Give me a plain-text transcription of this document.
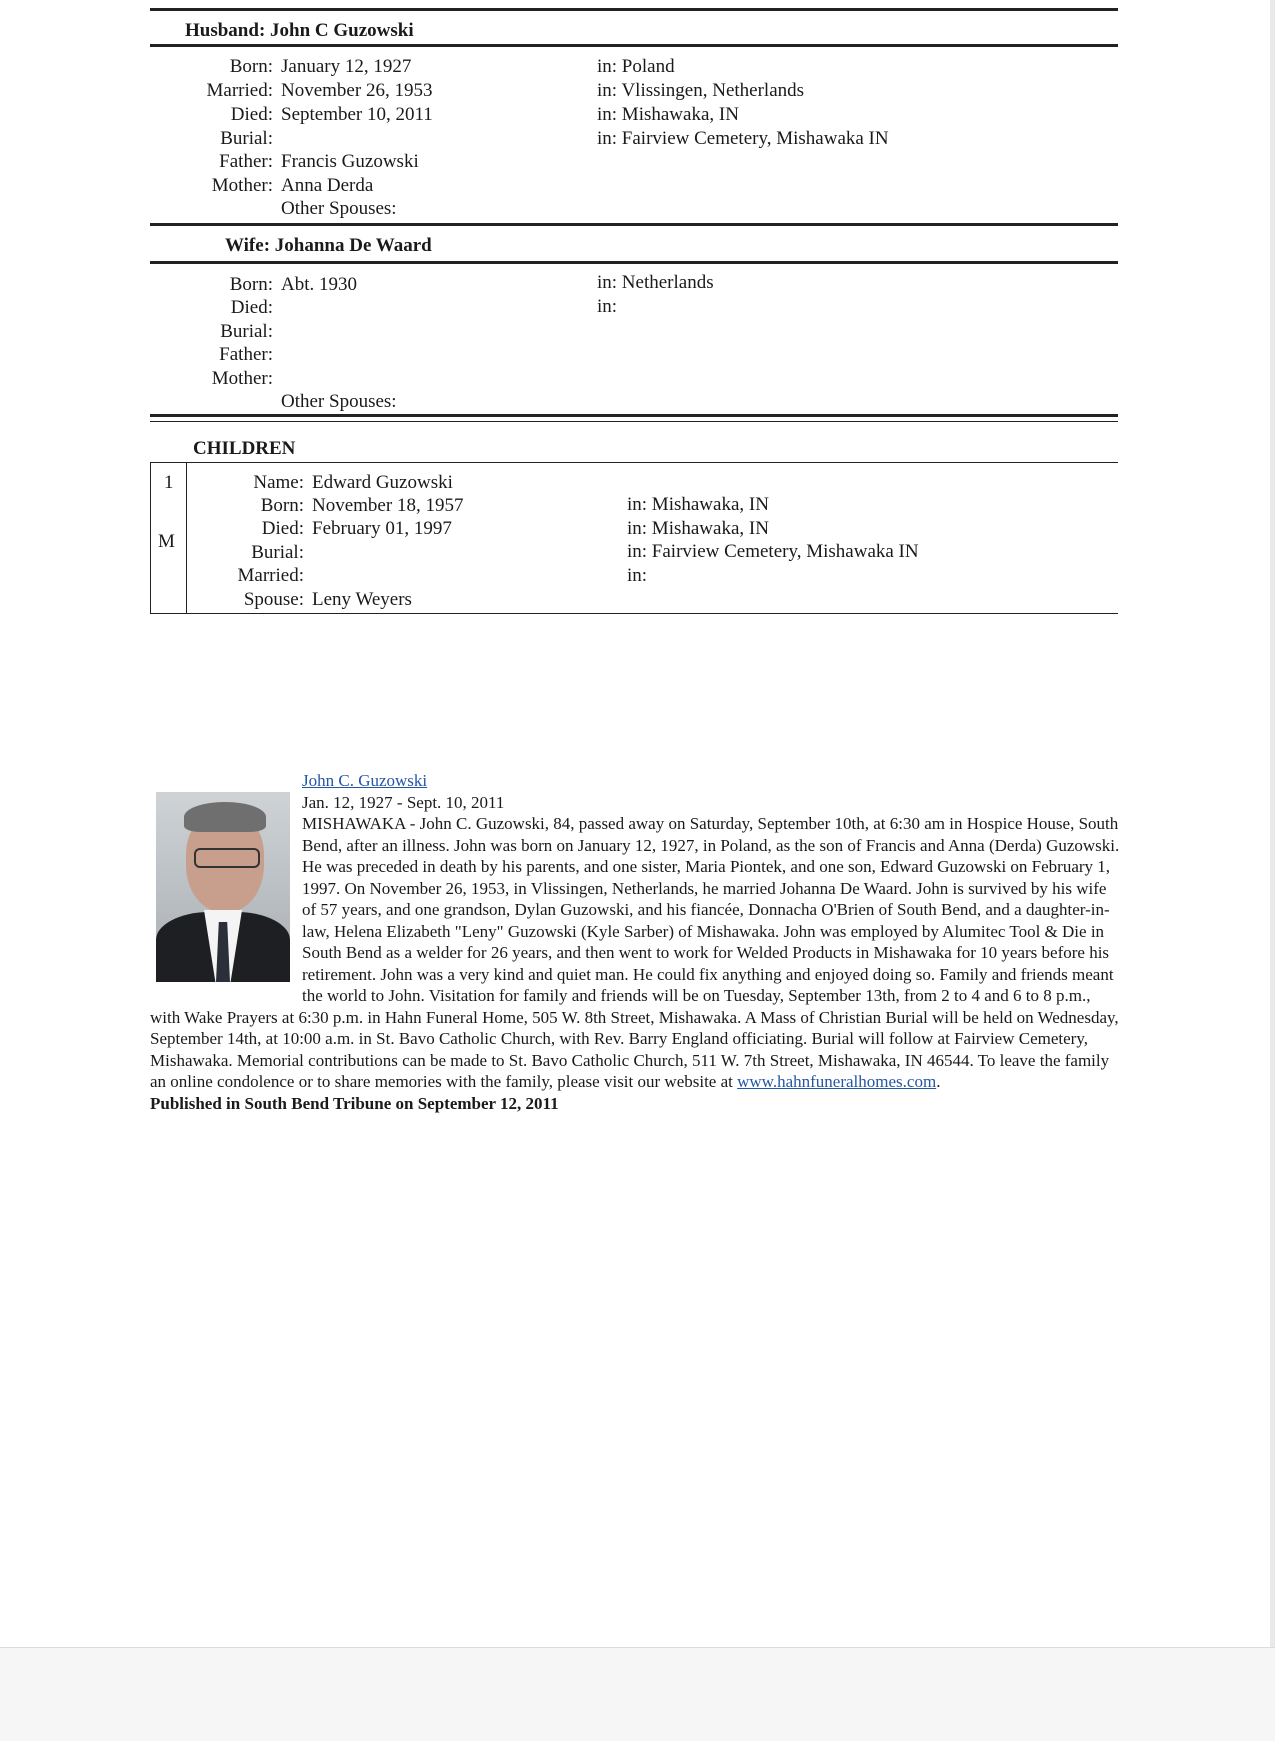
Husband: John C Guzowski
Born:
Married:
Died:
Burial:
Father:
Mother:
January 12, 1927
November 26, 1953
September 10, 2011
Francis Guzowski
Anna Derda
Other Spouses:
in: Poland
in: Vlissingen, Netherlands
in: Mishawaka, IN
in: Fairview Cemetery, Mishawaka IN
Wife: Johanna De Waard
Born:
Died:
Burial:
Father:
Mother:
Abt. 1930
Other Spouses:
in: Netherlands
in:
CHILDREN
1
M
Name:
Born:
Died:
Burial:
Married:
Spouse:
Edward Guzowski
November 18, 1957
February 01, 1997
Leny Weyers
in: Mishawaka, IN
in: Mishawaka, IN
in: Fairview Cemetery, Mishawaka IN
in:
John C. Guzowski
Jan. 12, 1927 - Sept. 10, 2011
MISHAWAKA - John C. Guzowski, 84, passed away on Saturday, September 10th, at 6:30 am in Hospice House, South Bend, after an illness. John was born on January 12, 1927, in Poland, as the son of Francis and Anna (Derda) Guzowski. He was preceded in death by his parents, and one sister, Maria Piontek, and one son, Edward Guzowski on February 1, 1997. On November 26, 1953, in Vlissingen, Netherlands, he married Johanna De Waard. John is survived by his wife of 57 years, and one grandson, Dylan Guzowski, and his fiancée, Donnacha O'Brien of South Bend, and a daughter-in-law, Helena Elizabeth "Leny" Guzowski (Kyle Sarber) of Mishawaka. John was employed by Alumitec Tool & Die in South Bend as a welder for 26 years, and then went to work for Welded Products in Mishawaka for 10 years before his retirement. John was a very kind and quiet man. He could fix anything and enjoyed doing so. Family and friends meant the world to John. Visitation for family and friends will be on Tuesday, September 13th, from 2 to 4 and 6 to 8 p.m., with Wake Prayers at 6:30 p.m. in Hahn Funeral Home, 505 W. 8th Street, Mishawaka. A Mass of Christian Burial will be held on Wednesday, September 14th, at 10:00 a.m. in St. Bavo Catholic Church, with Rev. Barry England officiating. Burial will follow at Fairview Cemetery, Mishawaka. Memorial contributions can be made to St. Bavo Catholic Church, 511 W. 7th Street, Mishawaka, IN 46544. To leave the family an online condolence or to share memories with the family, please visit our website at www.hahnfuneralhomes.com.
Published in South Bend Tribune on September 12, 2011
